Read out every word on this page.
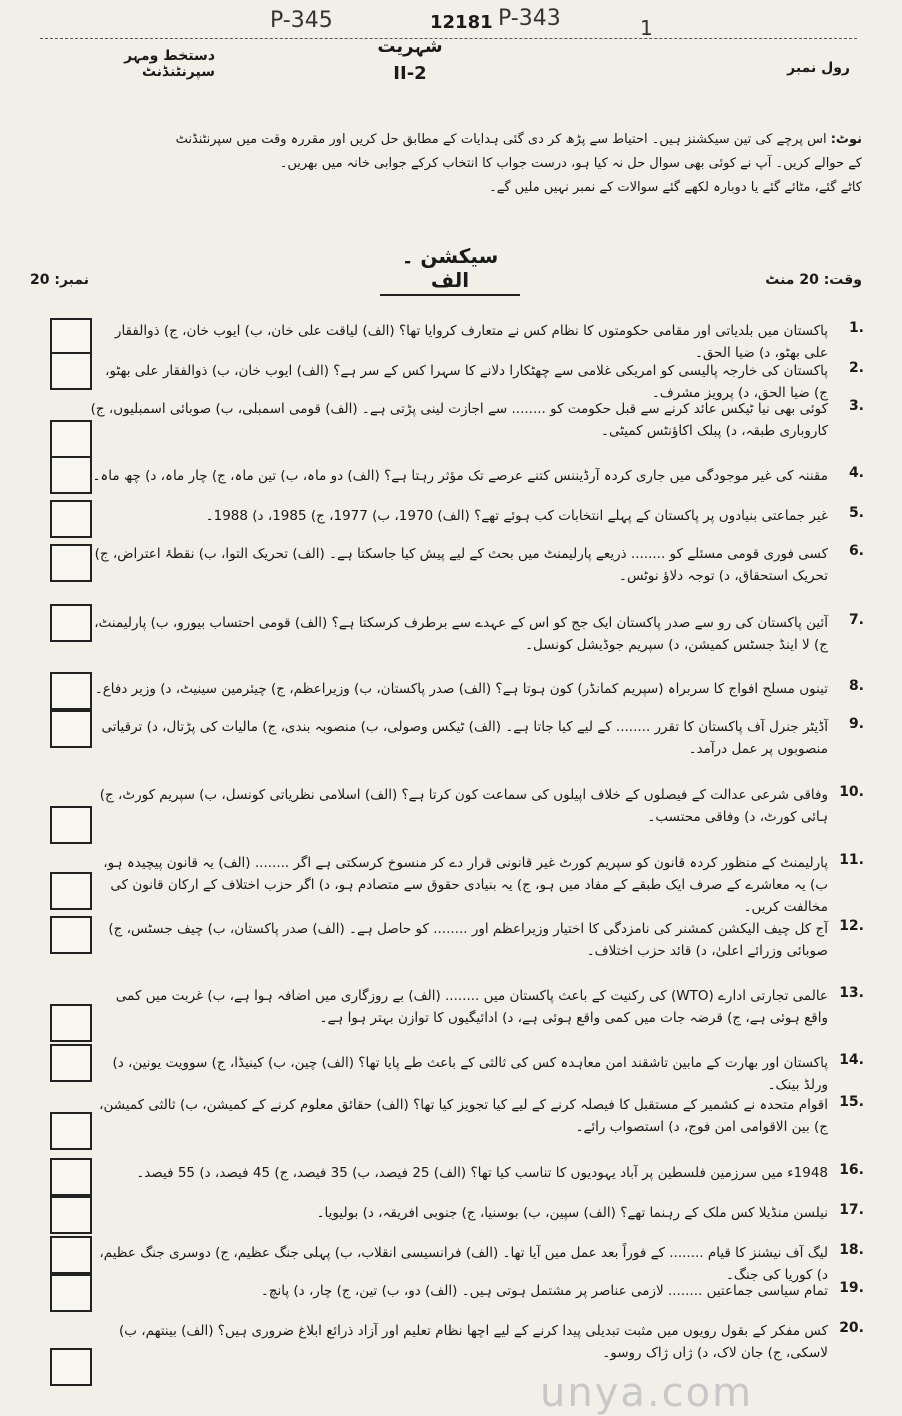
P-345	12181 P-343	1
دستخط ومہر سپرنٹنڈنٹ	رول نمبر
شہریت
II-2
نوٹ: اس پرچے کی تین سیکشنز ہیں۔ احتیاط سے پڑھ کر دی گئی ہدایات کے مطابق حل کریں اور مقررہ وقت میں سپرنٹنڈنٹ
کے حوالے کریں۔ آپ نے کوئی بھی سوال حل نہ کیا ہو، درست جواب کا انتخاب کرکے جوابی خانہ میں بھریں۔
کاٹے گئے، مٹائے گئے یا دوبارہ لکھے گئے سوالات کے نمبر نہیں ملیں گے۔
سیکشن ۔ الف	وقت: 20 منٹ
نمبر: 20
1.
پاکستان میں بلدیاتی اور مقامی حکومتوں کا نظام کس نے متعارف کروایا تھا؟ (الف) لیاقت علی خان، ب) ایوب خان، ج) ذوالفقار علی بھٹو، د) ضیا الحق۔
2.
پاکستان کی خارجہ پالیسی کو امریکی غلامی سے چھٹکارا دلانے کا سہرا کس کے سر ہے؟ (الف) ایوب خان، ب) ذوالفقار علی بھٹو، ج) ضیا الحق، د) پرویز مشرف۔
3.
کوئی بھی نیا ٹیکس عائد کرنے سے قبل حکومت کو ........ سے اجازت لینی پڑتی ہے۔ (الف) قومی اسمبلی، ب) صوبائی اسمبلیوں، ج) کاروباری طبقہ، د) پبلک اکاؤنٹس کمیٹی۔
4.
مقننہ کی غیر موجودگی میں جاری کردہ آرڈیننس کتنے عرصے تک مؤثر رہتا ہے؟ (الف) دو ماہ، ب) تین ماہ، ج) چار ماہ، د) چھ ماہ۔
5.
غیر جماعتی بنیادوں پر پاکستان کے پہلے انتخابات کب ہوئے تھے؟ (الف) 1970، ب) 1977، ج) 1985، د) 1988۔
6.
کسی فوری قومی مسئلے کو ........ ذریعے پارلیمنٹ میں بحث کے لیے پیش کیا جاسکتا ہے۔ (الف) تحریک التوا، ب) نقطۂ اعتراض، ج) تحریک استحقاق، د) توجہ دلاؤ نوٹس۔
7.
آئین پاکستان کی رو سے صدر پاکستان ایک جج کو اس کے عہدے سے برطرف کرسکتا ہے؟ (الف) قومی احتساب بیورو، ب) پارلیمنٹ، ج) لا اینڈ جسٹس کمیشن، د) سپریم جوڈیشل کونسل۔
8.
تینوں مسلح افواج کا سربراہ (سپریم کمانڈر) کون ہوتا ہے؟ (الف) صدر پاکستان، ب) وزیراعظم، ج) چیئرمین سینیٹ، د) وزیر دفاع۔
9.
آڈیٹر جنرل آف پاکستان کا تقرر ........ کے لیے کیا جاتا ہے۔ (الف) ٹیکس وصولی، ب) منصوبہ بندی، ج) مالیات کی پڑتال، د) ترقیاتی منصوبوں پر عمل درآمد۔
10.
وفاقی شرعی عدالت کے فیصلوں کے خلاف اپیلوں کی سماعت کون کرتا ہے؟ (الف) اسلامی نظریاتی کونسل، ب) سپریم کورٹ، ج) ہائی کورٹ، د) وفاقی محتسب۔
11.
پارلیمنٹ کے منظور کردہ قانون کو سپریم کورٹ غیر قانونی قرار دے کر منسوخ کرسکتی ہے اگر ........ (الف) یہ قانون پیچیدہ ہو، ب) یہ معاشرے کے صرف ایک طبقے کے مفاد میں ہو، ج) یہ بنیادی حقوق سے متصادم ہو، د) اگر حزب اختلاف کے ارکان قانون کی مخالفت کریں۔
12.
آج کل چیف الیکشن کمشنر کی نامزدگی کا اختیار وزیراعظم اور ........ کو حاصل ہے۔ (الف) صدر پاکستان، ب) چیف جسٹس، ج) صوبائی وزرائے اعلیٰ، د) قائد حزب اختلاف۔
13.
عالمی تجارتی ادارے (WTO) کی رکنیت کے باعث پاکستان میں ........ (الف) بے روزگاری میں اضافہ ہوا ہے، ب) غربت میں کمی واقع ہوئی ہے، ج) قرضہ جات میں کمی واقع ہوئی ہے، د) ادائیگیوں کا توازن بہتر ہوا ہے۔
14.
پاکستان اور بھارت کے مابین تاشقند امن معاہدہ کس کی ثالثی کے باعث طے پایا تھا؟ (الف) چین، ب) کینیڈا، ج) سوویت یونین، د) ورلڈ بینک۔
15.
اقوام متحدہ نے کشمیر کے مستقبل کا فیصلہ کرنے کے لیے کیا تجویز کیا تھا؟ (الف) حقائق معلوم کرنے کے کمیشن، ب) ثالثی کمیشن، ج) بین الاقوامی امن فوج، د) استصواب رائے۔
16.
1948ء میں سرزمین فلسطین پر آباد یہودیوں کا تناسب کیا تھا؟ (الف) 25 فیصد، ب) 35 فیصد، ج) 45 فیصد، د) 55 فیصد۔
17.
نیلسن منڈیلا کس ملک کے رہنما تھے؟ (الف) سپین، ب) بوسنیا، ج) جنوبی افریقہ، د) بولیویا۔
18.
لیگ آف نیشنز کا قیام ........ کے فوراً بعد عمل میں آیا تھا۔ (الف) فرانسیسی انقلاب، ب) پہلی جنگ عظیم، ج) دوسری جنگ عظیم، د) کوریا کی جنگ۔
19.
تمام سیاسی جماعتیں ........ لازمی عناصر پر مشتمل ہوتی ہیں۔ (الف) دو، ب) تین، ج) چار، د) پانچ۔
20.
کس مفکر کے بقول رویوں میں مثبت تبدیلی پیدا کرنے کے لیے اچھا نظام تعلیم اور آزاد ذرائع ابلاغ ضروری ہیں؟ (الف) بینتھم، ب) لاسکی، ج) جان لاک، د) ژاں ژاک روسو۔
unya.com
